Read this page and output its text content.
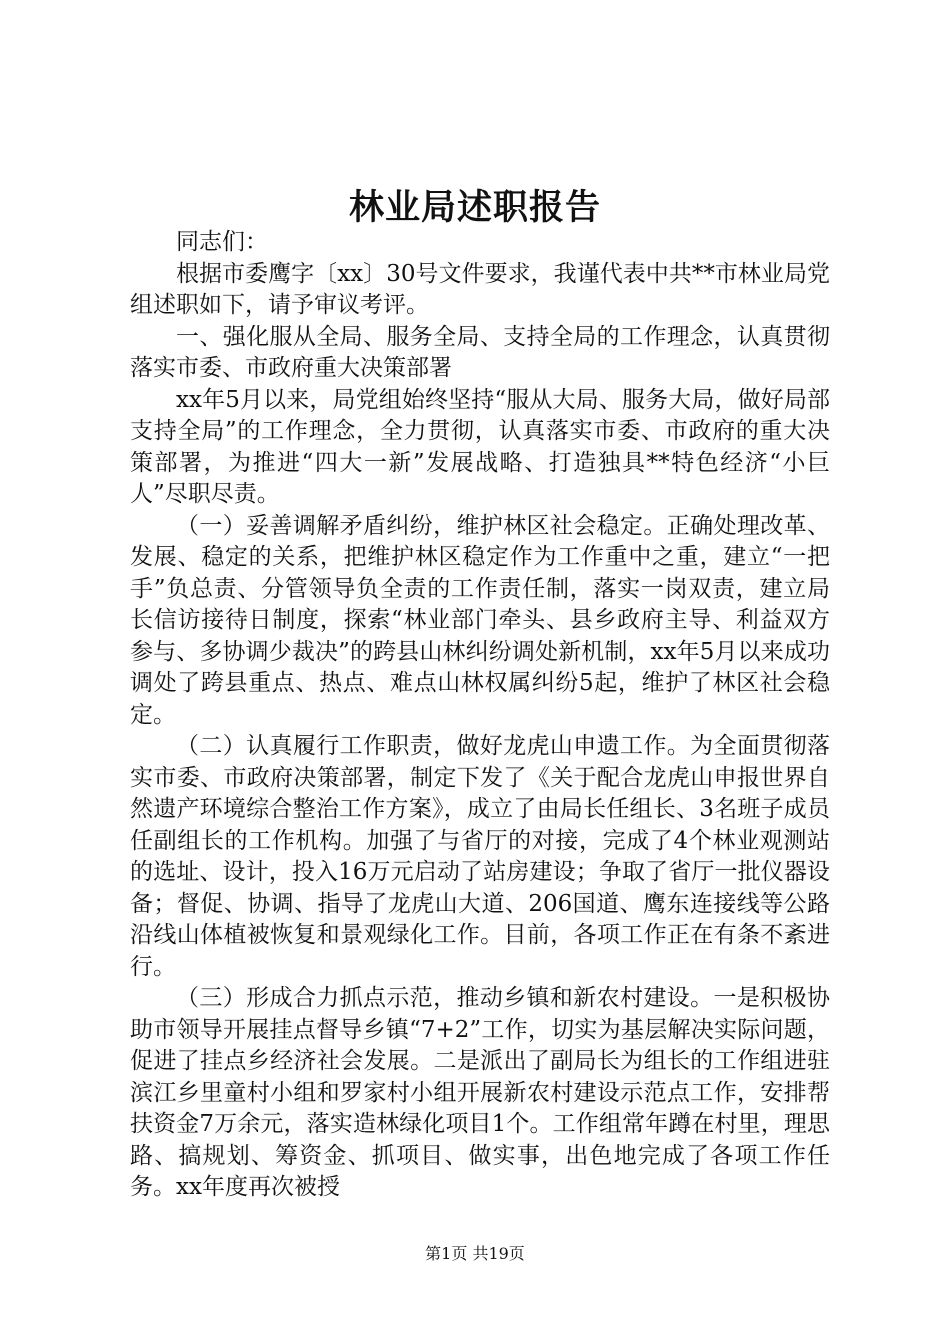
林业局述职报告

同志们：

根据市委鹰字〔xx〕30号文件要求，我谨代表中共**市林业局党组述职如下，请予审议考评。

一、强化服从全局、服务全局、支持全局的工作理念，认真贯彻落实市委、市政府重大决策部署

xx年5月以来，局党组始终坚持“服从大局、服务大局，做好局部支持全局”的工作理念，全力贯彻，认真落实市委、市政府的重大决策部署，为推进“四大一新”发展战略、打造独具**特色经济“小巨人”尽职尽责。

（一）妥善调解矛盾纠纷，维护林区社会稳定。正确处理改革、发展、稳定的关系，把维护林区稳定作为工作重中之重，建立“一把手”负总责、分管领导负全责的工作责任制，落实一岗双责，建立局长信访接待日制度，探索“林业部门牵头、县乡政府主导、利益双方参与、多协调少裁决”的跨县山林纠纷调处新机制，xx年5月以来成功调处了跨县重点、热点、难点山林权属纠纷5起，维护了林区社会稳定。

（二）认真履行工作职责，做好龙虎山申遗工作。为全面贯彻落实市委、市政府决策部署，制定下发了《关于配合龙虎山申报世界自然遗产环境综合整治工作方案》，成立了由局长任组长、3名班子成员任副组长的工作机构。加强了与省厅的对接，完成了4个林业观测站的选址、设计，投入16万元启动了站房建设；争取了省厅一批仪器设备；督促、协调、指导了龙虎山大道、206国道、鹰东连接线等公路沿线山体植被恢复和景观绿化工作。目前，各项工作正在有条不紊进行。

（三）形成合力抓点示范，推动乡镇和新农村建设。一是积极协助市领导开展挂点督导乡镇“7+2”工作，切实为基层解决实际问题，促进了挂点乡经济社会发展。二是派出了副局长为组长的工作组进驻滨江乡里童村小组和罗家村小组开展新农村建设示范点工作，安排帮扶资金7万余元，落实造林绿化项目1个。工作组常年蹲在村里，理思路、搞规划、筹资金、抓项目、做实事，出色地完成了各项工作任务。xx年度再次被授

第1页 共19页
